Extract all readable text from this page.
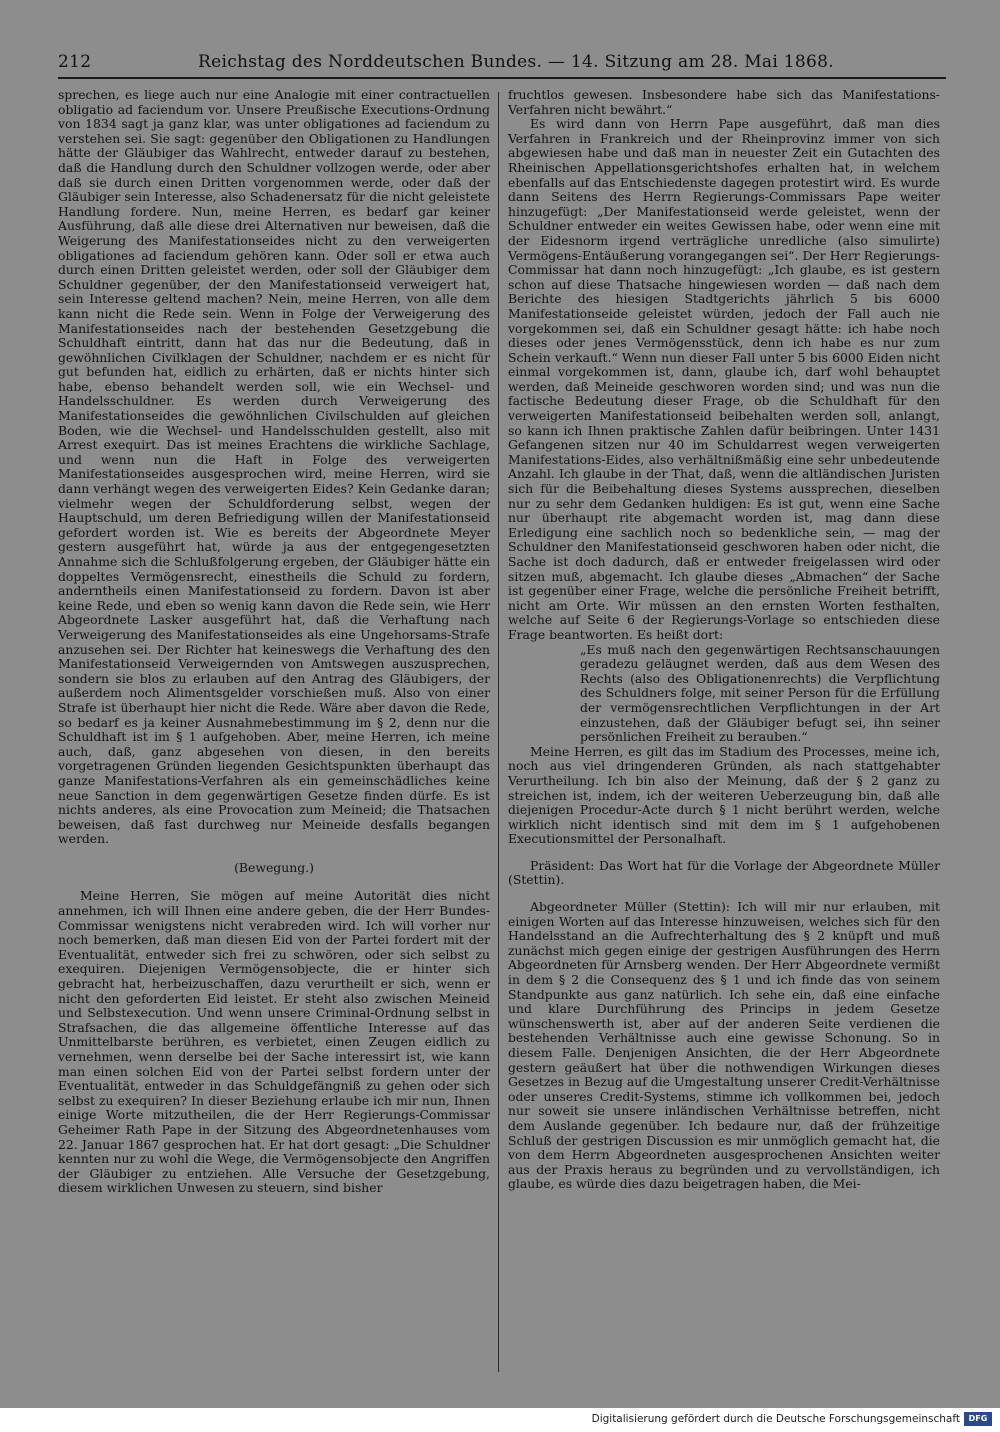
212	Reichstag des Norddeutschen Bundes. — 14. Sitzung am 28. Mai 1868.

sprechen, es liege auch nur eine Analogie mit einer contractuellen obligatio ad faciendum vor. Unsere Preußische Executions-Ordnung von 1834 sagt ja ganz klar, was unter obligationes ad faciendum zu verstehen sei. Sie sagt: gegenüber den Obligationen zu Handlungen hätte der Gläubiger das Wahlrecht, entweder darauf zu bestehen, daß die Handlung durch den Schuldner vollzogen werde, oder aber daß sie durch einen Dritten vorgenommen werde, oder daß der Gläubiger sein Interesse, also Schadenersatz für die nicht geleistete Handlung fordere. Nun, meine Herren, es bedarf gar keiner Ausführung, daß alle diese drei Alternativen nur beweisen, daß die Weigerung des Manifestationseides nicht zu den verweigerten obligationes ad faciendum gehören kann. Oder soll er etwa auch durch einen Dritten geleistet werden, oder soll der Gläubiger dem Schuldner gegenüber, der den Manifestationseid verweigert hat, sein Interesse geltend machen? Nein, meine Herren, von alle dem kann nicht die Rede sein. Wenn in Folge der Verweigerung des Manifestationseides nach der bestehenden Gesetzgebung die Schuldhaft eintritt, dann hat das nur die Bedeutung, daß in gewöhnlichen Civilklagen der Schuldner, nachdem er es nicht für gut befunden hat, eidlich zu erhärten, daß er nichts hinter sich habe, ebenso behandelt werden soll, wie ein Wechsel- und Handelsschuldner. Es werden durch Verweigerung des Manifestationseides die gewöhnlichen Civilschulden auf gleichen Boden, wie die Wechsel- und Handelsschulden gestellt, also mit Arrest exequirt. Das ist meines Erachtens die wirkliche Sachlage, und wenn nun die Haft in Folge des verweigerten Manifestationseides ausgesprochen wird, meine Herren, wird sie dann verhängt wegen des verweigerten Eides? Kein Gedanke daran; vielmehr wegen der Schuldforderung selbst, wegen der Hauptschuld, um deren Befriedigung willen der Manifestationseid gefordert worden ist. Wie es bereits der Abgeordnete Meyer gestern ausgeführt hat, würde ja aus der entgegengesetzten Annahme sich die Schlußfolgerung ergeben, der Gläubiger hätte ein doppeltes Vermögensrecht, einestheils die Schuld zu fordern, anderntheils einen Manifestationseid zu fordern. Davon ist aber keine Rede, und eben so wenig kann davon die Rede sein, wie Herr Abgeordnete Lasker ausgeführt hat, daß die Verhaftung nach Verweigerung des Manifestationseides als eine Ungehorsams-Strafe anzusehen sei. Der Richter hat keineswegs die Verhaftung des den Manifestationseid Verweigernden von Amtswegen auszusprechen, sondern sie blos zu erlauben auf den Antrag des Gläubigers, der außerdem noch Alimentsgelder vorschießen muß. Also von einer Strafe ist überhaupt hier nicht die Rede. Wäre aber davon die Rede, so bedarf es ja keiner Ausnahmebestimmung im § 2, denn nur die Schuldhaft ist im § 1 aufgehoben. Aber, meine Herren, ich meine auch, daß, ganz abgesehen von diesen, in den bereits vorgetragenen Gründen liegenden Gesichtspunkten überhaupt das ganze Manifestations-Verfahren als ein gemeinschädliches keine neue Sanction in dem gegenwärtigen Gesetze finden dürfe. Es ist nichts anderes, als eine Provocation zum Meineid; die Thatsachen beweisen, daß fast durchweg nur Meineide desfalls begangen werden.

(Bewegung.)

Meine Herren, Sie mögen auf meine Autorität dies nicht annehmen, ich will Ihnen eine andere geben, die der Herr Bundes-Commissar wenigstens nicht verabreden wird. Ich will vorher nur noch bemerken, daß man diesen Eid von der Partei fordert mit der Eventualität, entweder sich frei zu schwören, oder sich selbst zu exequiren. Diejenigen Vermögensobjecte, die er hinter sich gebracht hat, herbeizuschaffen, dazu verurtheilt er sich, wenn er nicht den geforderten Eid leistet. Er steht also zwischen Meineid und Selbstexecution. Und wenn unsere Criminal-Ordnung selbst in Strafsachen, die das allgemeine öffentliche Interesse auf das Unmittelbarste berühren, es verbietet, einen Zeugen eidlich zu vernehmen, wenn derselbe bei der Sache interessirt ist, wie kann man einen solchen Eid von der Partei selbst fordern unter der Eventualität, entweder in das Schuldgefängniß zu gehen oder sich selbst zu exequiren? In dieser Beziehung erlaube ich mir nun, Ihnen einige Worte mitzutheilen, die der Herr Regierungs-Commissar Geheimer Rath Pape in der Sitzung des Abgeordnetenhauses vom 22. Januar 1867 gesprochen hat. Er hat dort gesagt: „Die Schuldner kennten nur zu wohl die Wege, die Vermögensobjecte den Angriffen der Gläubiger zu entziehen. Alle Versuche der Gesetzgebung, diesem wirklichen Unwesen zu steuern, sind bisher

fruchtlos gewesen. Insbesondere habe sich das Manifestations-Verfahren nicht bewährt.“

Es wird dann von Herrn Pape ausgeführt, daß man dies Verfahren in Frankreich und der Rheinprovinz immer von sich abgewiesen habe und daß man in neuester Zeit ein Gutachten des Rheinischen Appellationsgerichtshofes erhalten hat, in welchem ebenfalls auf das Entschiedenste dagegen protestirt wird. Es wurde dann Seitens des Herrn Regierungs-Commissars Pape weiter hinzugefügt: „Der Manifestationseid werde geleistet, wenn der Schuldner entweder ein weites Gewissen habe, oder wenn eine mit der Eidesnorm irgend verträgliche unredliche (also simulirte) Vermögens-Entäußerung vorangegangen sei“. Der Herr Regierungs-Commissar hat dann noch hinzugefügt: „Ich glaube, es ist gestern schon auf diese Thatsache hingewiesen worden — daß nach dem Berichte des hiesigen Stadtgerichts jährlich 5 bis 6000 Manifestationseide geleistet würden, jedoch der Fall auch nie vorgekommen sei, daß ein Schuldner gesagt hätte: ich habe noch dieses oder jenes Vermögensstück, denn ich habe es nur zum Schein verkauft.“ Wenn nun dieser Fall unter 5 bis 6000 Eiden nicht einmal vorgekommen ist, dann, glaube ich, darf wohl behauptet werden, daß Meineide geschworen worden sind; und was nun die factische Bedeutung dieser Frage, ob die Schuldhaft für den verweigerten Manifestationseid beibehalten werden soll, anlangt, so kann ich Ihnen praktische Zahlen dafür beibringen. Unter 1431 Gefangenen sitzen nur 40 im Schuldarrest wegen verweigerten Manifestations-Eides, also verhältnißmäßig eine sehr unbedeutende Anzahl. Ich glaube in der That, daß, wenn die altländischen Juristen sich für die Beibehaltung dieses Systems aussprechen, dieselben nur zu sehr dem Gedanken huldigen: Es ist gut, wenn eine Sache nur überhaupt rite abgemacht worden ist, mag dann diese Erledigung eine sachlich noch so bedenkliche sein, — mag der Schuldner den Manifestationseid geschworen haben oder nicht, die Sache ist doch dadurch, daß er entweder freigelassen wird oder sitzen muß, abgemacht. Ich glaube dieses „Abmachen“ der Sache ist gegenüber einer Frage, welche die persönliche Freiheit betrifft, nicht am Orte. Wir müssen an den ernsten Worten festhalten, welche auf Seite 6 der Regierungs-Vorlage so entschieden diese Frage beantworten. Es heißt dort:

„Es muß nach den gegenwärtigen Rechtsanschauungen geradezu geläugnet werden, daß aus dem Wesen des Rechts (also des Obligationenrechts) die Verpflichtung des Schuldners folge, mit seiner Person für die Erfüllung der vermögensrechtlichen Verpflichtungen in der Art einzustehen, daß der Gläubiger befugt sei, ihn seiner persönlichen Freiheit zu berauben.“

Meine Herren, es gilt das im Stadium des Processes, meine ich, noch aus viel dringenderen Gründen, als nach stattgehabter Verurtheilung. Ich bin also der Meinung, daß der § 2 ganz zu streichen ist, indem, ich der weiteren Ueberzeugung bin, daß alle diejenigen Procedur-Acte durch § 1 nicht berührt werden, welche wirklich nicht identisch sind mit dem im § 1 aufgehobenen Executionsmittel der Personalhaft.

Präsident: Das Wort hat für die Vorlage der Abgeordnete Müller (Stettin).

Abgeordneter Müller (Stettin): Ich will mir nur erlauben, mit einigen Worten auf das Interesse hinzuweisen, welches sich für den Handelsstand an die Aufrechterhaltung des § 2 knüpft und muß zunächst mich gegen einige der gestrigen Ausführungen des Herrn Abgeordneten für Arnsberg wenden. Der Herr Abgeordnete vermißt in dem § 2 die Consequenz des § 1 und ich finde das von seinem Standpunkte aus ganz natürlich. Ich sehe ein, daß eine einfache und klare Durchführung des Princips in jedem Gesetze wünschenswerth ist, aber auf der anderen Seite verdienen die bestehenden Verhältnisse auch eine gewisse Schonung. So in diesem Falle. Denjenigen Ansichten, die der Herr Abgeordnete gestern geäußert hat über die nothwendigen Wirkungen dieses Gesetzes in Bezug auf die Umgestaltung unserer Credit-Verhältnisse oder unseres Credit-Systems, stimme ich vollkommen bei, jedoch nur soweit sie unsere inländischen Verhältnisse betreffen, nicht dem Auslande gegenüber. Ich bedaure nur, daß der frühzeitige Schluß der gestrigen Discussion es mir unmöglich gemacht hat, die von dem Herrn Abgeordneten ausgesprochenen Ansichten weiter aus der Praxis heraus zu begründen und zu vervollständigen, ich glaube, es würde dies dazu beigetragen haben, die Mei-

Digitalisierung gefördert durch die Deutsche Forschungsgemeinschaft	DFG
